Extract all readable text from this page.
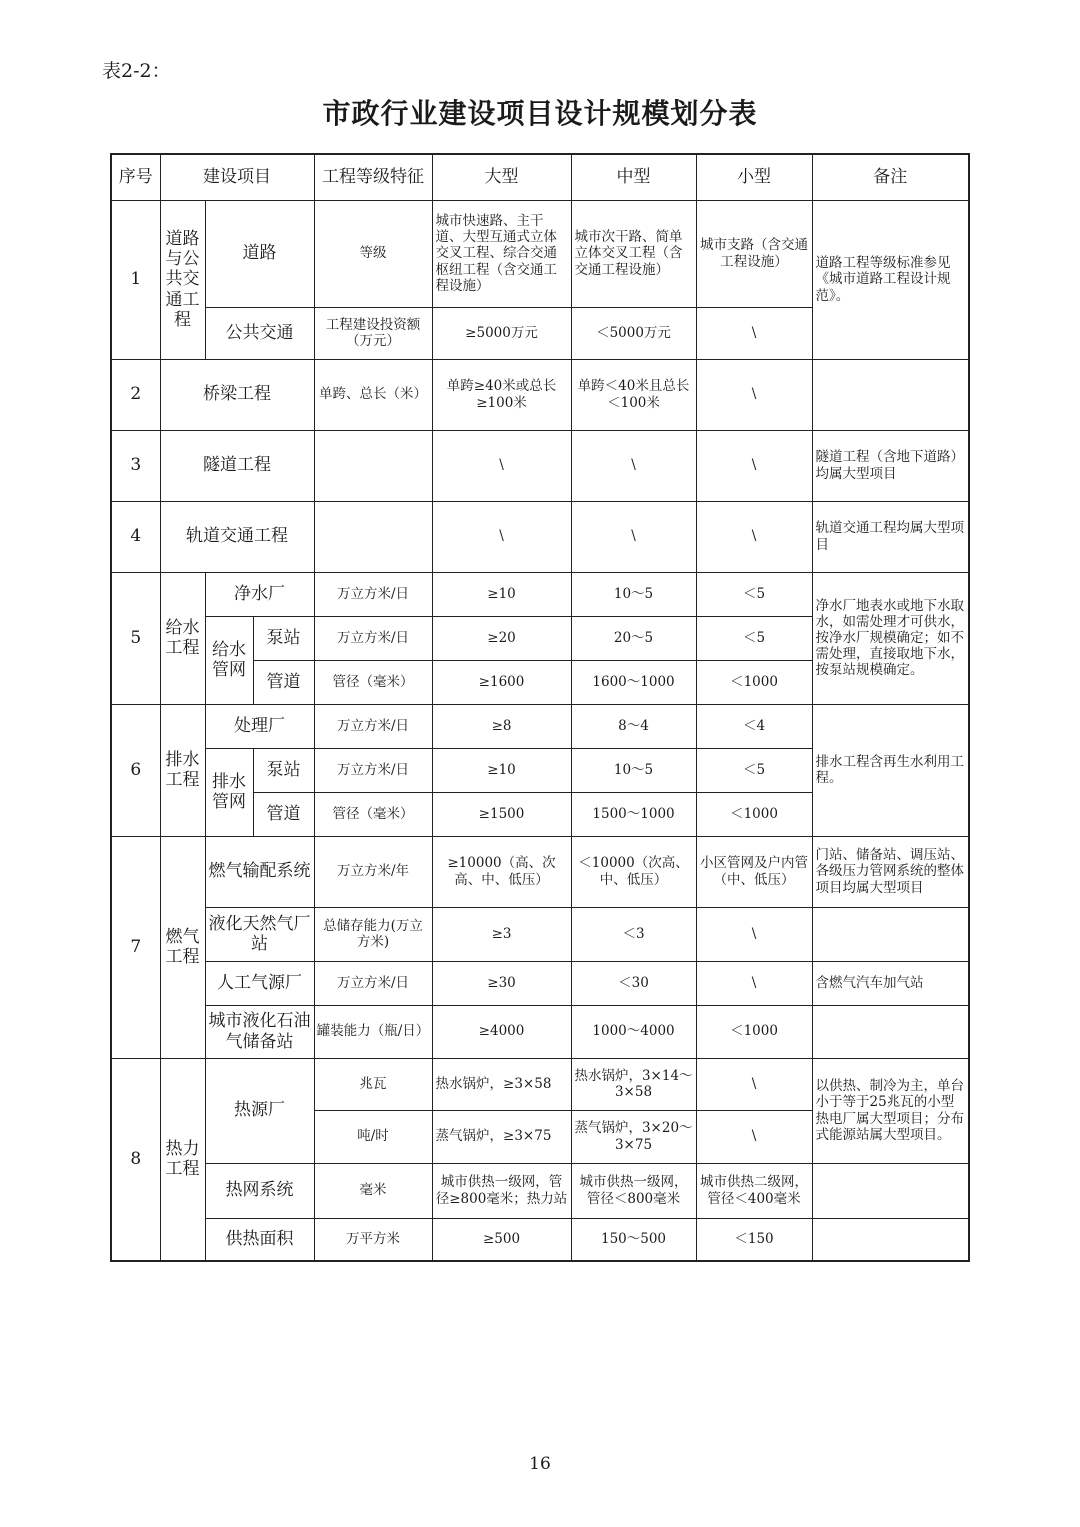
表2-2：
市政行业建设项目设计规模划分表
序号	建设项目			工程等级特征	大型	中型	小型	备注
1	道路与公共交通工程	道路		等级	城市快速路、主干道、大型互通式立体交叉工程、综合交通枢纽工程（含交通工程设施）	城市次干路、简单立体交叉工程（含交通工程设施）	城市支路（含交通工程设施）	道路工程等级标准参见《城市道路工程设计规范》。
		公共交通		工程建设投资额（万元）	≥5000万元	＜5000万元	\	
2	桥梁工程			单跨、总长（米）	单跨≥40米或总长≥100米	单跨＜40米且总长＜100米	\	
3	隧道工程				\	\	\	隧道工程（含地下道路）均属大型项目
4	轨道交通工程				\	\	\	轨道交通工程均属大型项目
5	给水工程	净水厂		万立方米/日	≥10	10～5	＜5	净水厂地表水或地下水取水，如需处理才可供水，按净水厂规模确定；如不需处理，直接取地下水，按泵站规模确定。
		给水管网	泵站	万立方米/日	≥20	20～5	＜5	
			管道	管径（毫米）	≥1600	1600～1000	＜1000	
6	排水工程	处理厂		万立方米/日	≥8	8～4	＜4	排水工程含再生水利用工程。
		排水管网	泵站	万立方米/日	≥10	10～5	＜5	
			管道	管径（毫米）	≥1500	1500～1000	＜1000	
7	燃气工程	燃气输配系统		万立方米/年	≥10000（高、次高、中、低压）	＜10000（次高、中、低压）	小区管网及户内管（中、低压）	门站、储备站、调压站、各级压力管网系统的整体项目均属大型项目
		液化天然气厂站		总储存能力(万立方米)	≥3	＜3	\	
		人工气源厂		万立方米/日	≥30	＜30	\	含燃气汽车加气站
		城市液化石油气储备站		罐装能力（瓶/日）	≥4000	1000～4000	＜1000	
8	热力工程	热源厂		兆瓦	热水锅炉，≥3×58	热水锅炉，3×14～3×58	\	以供热、制冷为主，单台小于等于25兆瓦的小型热电厂属大型项目；分布式能源站属大型项目。
				吨/时	蒸气锅炉，≥3×75	蒸气锅炉，3×20～3×75	\	
		热网系统		毫米	城市供热一级网，管径≥800毫米；热力站	城市供热一级网，管径＜800毫米	城市供热二级网，管径＜400毫米	
		供热面积		万平方米	≥500	150～500	＜150	
16
